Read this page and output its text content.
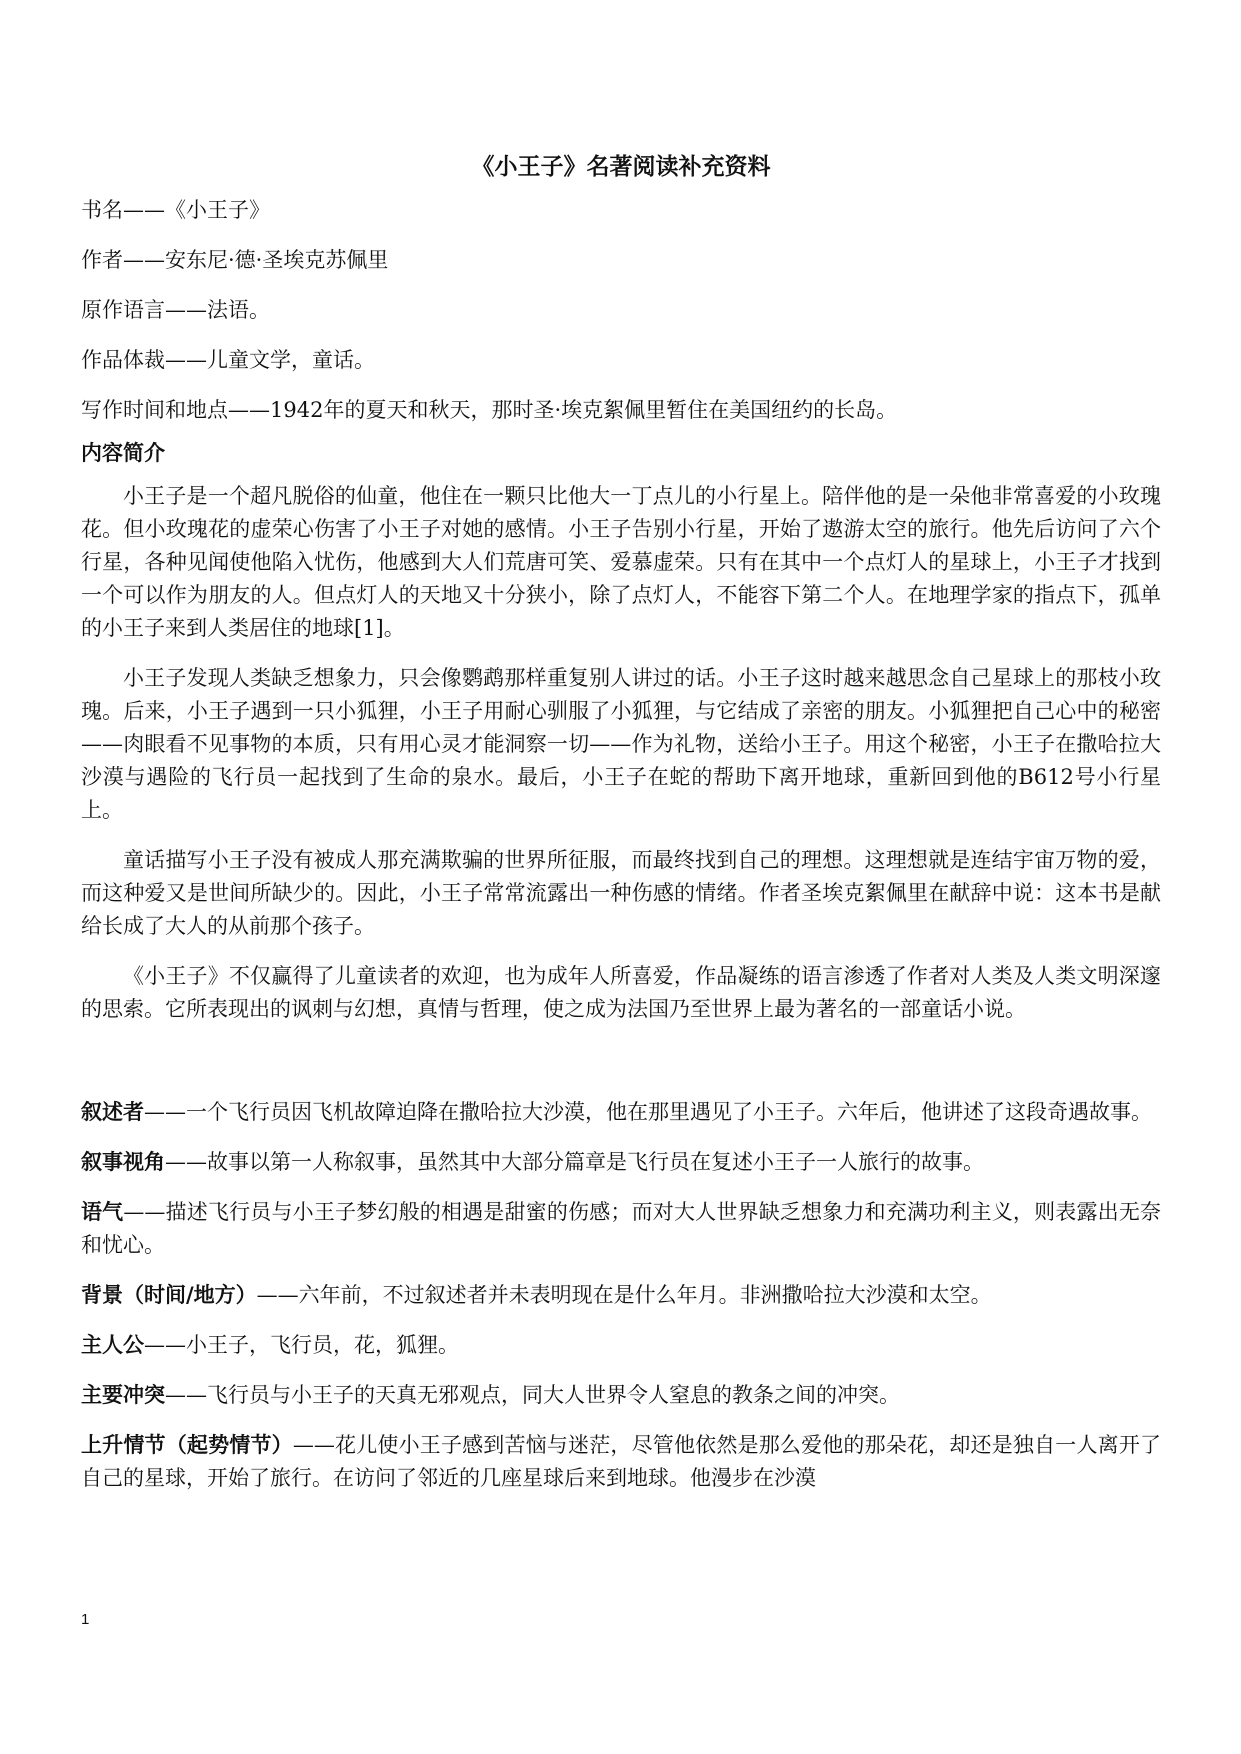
《小王子》名著阅读补充资料
书名——《小王子》
作者——安东尼·德·圣埃克苏佩里
原作语言——法语。
作品体裁——儿童文学，童话。
写作时间和地点——1942年的夏天和秋天，那时圣·埃克絮佩里暂住在美国纽约的长岛。
内容简介

小王子是一个超凡脱俗的仙童，他住在一颗只比他大一丁点儿的小行星上。陪伴他的是一朵他非常喜爱的小玫瑰花。但小玫瑰花的虚荣心伤害了小王子对她的感情。小王子告别小行星，开始了遨游太空的旅行。他先后访问了六个行星，各种见闻使他陷入忧伤，他感到大人们荒唐可笑、爱慕虚荣。只有在其中一个点灯人的星球上，小王子才找到一个可以作为朋友的人。但点灯人的天地又十分狭小，除了点灯人，不能容下第二个人。在地理学家的指点下，孤单的小王子来到人类居住的地球[1]。

小王子发现人类缺乏想象力，只会像鹦鹉那样重复别人讲过的话。小王子这时越来越思念自己星球上的那枝小玫瑰。后来，小王子遇到一只小狐狸，小王子用耐心驯服了小狐狸，与它结成了亲密的朋友。小狐狸把自己心中的秘密——肉眼看不见事物的本质，只有用心灵才能洞察一切——作为礼物，送给小王子。用这个秘密，小王子在撒哈拉大沙漠与遇险的飞行员一起找到了生命的泉水。最后，小王子在蛇的帮助下离开地球，重新回到他的B612号小行星上。

童话描写小王子没有被成人那充满欺骗的世界所征服，而最终找到自己的理想。这理想就是连结宇宙万物的爱，而这种爱又是世间所缺少的。因此，小王子常常流露出一种伤感的情绪。作者圣埃克絮佩里在献辞中说：这本书是献给长成了大人的从前那个孩子。

《小王子》不仅赢得了儿童读者的欢迎，也为成年人所喜爱，作品凝练的语言渗透了作者对人类及人类文明深邃的思索。它所表现出的讽刺与幻想，真情与哲理，使之成为法国乃至世界上最为著名的一部童话小说。

叙述者——一个飞行员因飞机故障迫降在撒哈拉大沙漠，他在那里遇见了小王子。六年后，他讲述了这段奇遇故事。

叙事视角——故事以第一人称叙事，虽然其中大部分篇章是飞行员在复述小王子一人旅行的故事。

语气——描述飞行员与小王子梦幻般的相遇是甜蜜的伤感；而对大人世界缺乏想象力和充满功利主义，则表露出无奈和忧心。

背景（时间/地方）——六年前，不过叙述者并未表明现在是什么年月。非洲撒哈拉大沙漠和太空。

主人公——小王子，飞行员，花，狐狸。

主要冲突——飞行员与小王子的天真无邪观点，同大人世界令人窒息的教条之间的冲突。

上升情节（起势情节）——花儿使小王子感到苦恼与迷茫，尽管他依然是那么爱他的那朵花，却还是独自一人离开了自己的星球，开始了旅行。在访问了邻近的几座星球后来到地球。他漫步在沙漠

1
